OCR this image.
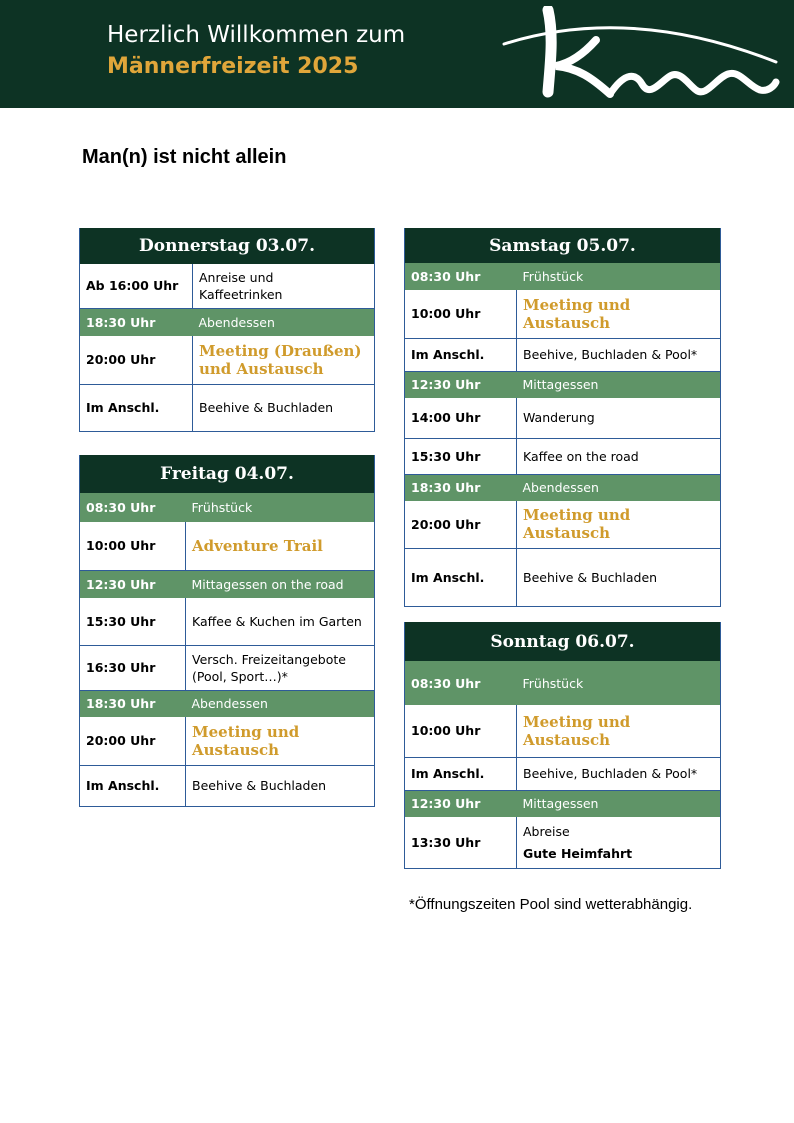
Herzlich Willkommen zum
Männerfreizeit 2025
Man(n) ist nicht allein
Donnerstag 03.07.	
Ab 16:00 Uhr	Anreise und
Kaffeetrinken

18:30 Uhr	Abendessen
20:00 Uhr	Meeting (Draußen)
und Austausch

Im Anschl.	Beehive & Buchladen
Freitag 04.07.	
08:30 Uhr	Frühstück
10:00 Uhr	Adventure Trail
12:30 Uhr	Mittagessen on the road
15:30 Uhr	Kaffee & Kuchen im Garten
16:30 Uhr	Versch. Freizeitangebote
(Pool, Sport…)*

18:30 Uhr	Abendessen
20:00 Uhr	Meeting und
Austausch

Im Anschl.	Beehive & Buchladen
Samstag 05.07.	
08:30 Uhr	Frühstück
10:00 Uhr	Meeting und Austausch
Im Anschl.	Beehive, Buchladen & Pool*
12:30 Uhr	Mittagessen
14:00 Uhr	Wanderung
15:30 Uhr	Kaffee on the road
18:30 Uhr	Abendessen
20:00 Uhr	Meeting und Austausch
Im Anschl.	Beehive & Buchladen
Sonntag 06.07.	
08:30 Uhr	Frühstück
10:00 Uhr	Meeting und Austausch
Im Anschl.	Beehive, Buchladen & Pool*
12:30 Uhr	Mittagessen
13:30 Uhr	Abreise
Gute Heimfahrt
*Öffnungszeiten Pool sind wetterabhängig.
